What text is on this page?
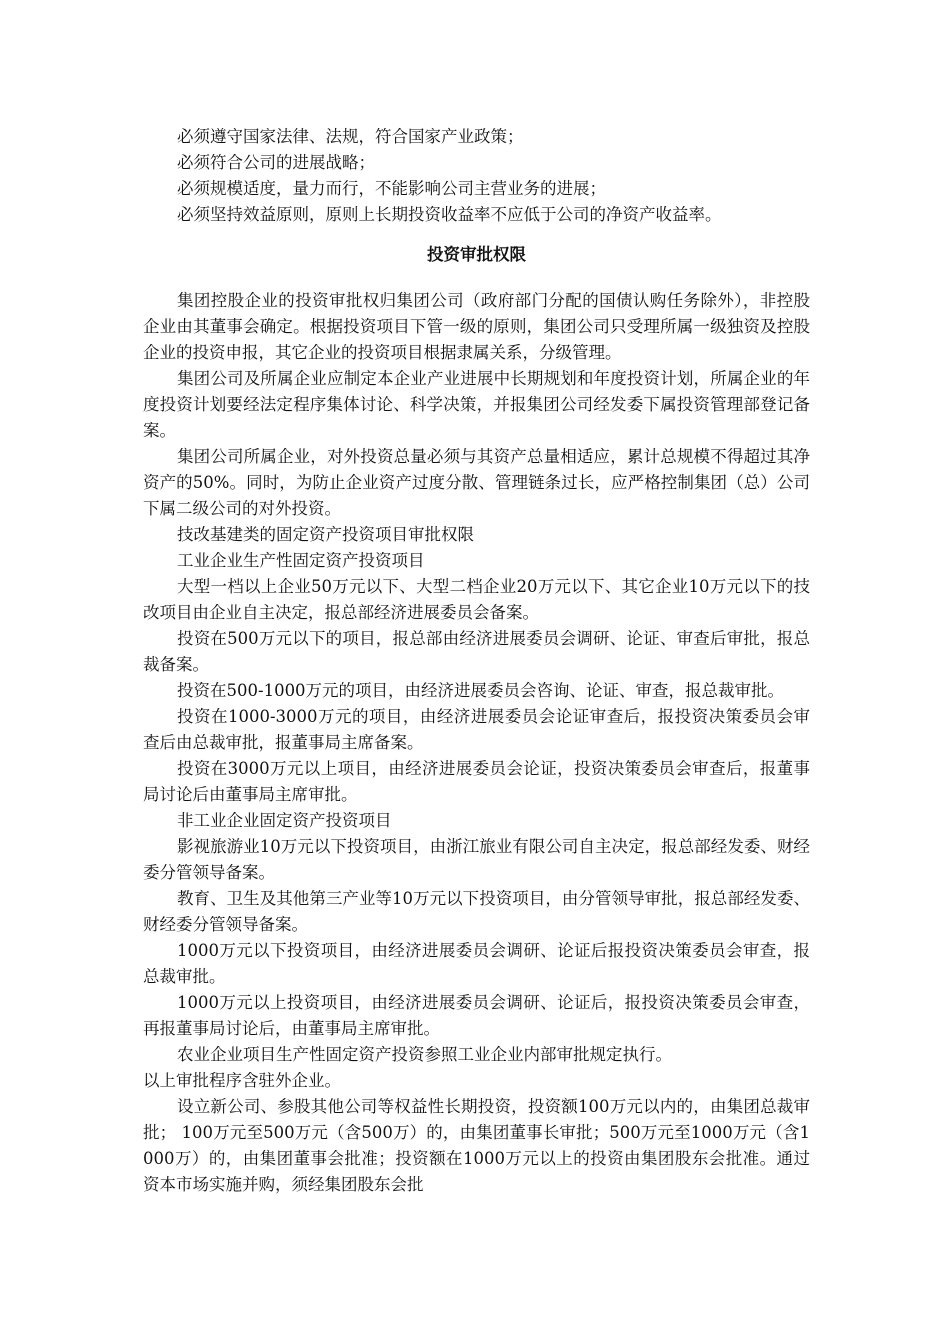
必须遵守国家法律、法规，符合国家产业政策；

必须符合公司的进展战略；

必须规模适度，量力而行，不能影响公司主营业务的进展；

必须坚持效益原则，原则上长期投资收益率不应低于公司的净资产收益率。

投资审批权限

集团控股企业的投资审批权归集团公司（政府部门分配的国债认购任务除外），非控股企业由其董事会确定。根据投资项目下管一级的原则，集团公司只受理所属一级独资及控股企业的投资申报，其它企业的投资项目根据隶属关系，分级管理。

集团公司及所属企业应制定本企业产业进展中长期规划和年度投资计划，所属企业的年度投资计划要经法定程序集体讨论、科学决策，并报集团公司经发委下属投资管理部登记备案。

集团公司所属企业，对外投资总量必须与其资产总量相适应，累计总规模不得超过其净资产的50%。同时，为防止企业资产过度分散、管理链条过长，应严格控制集团（总）公司下属二级公司的对外投资。

技改基建类的固定资产投资项目审批权限

工业企业生产性固定资产投资项目

大型一档以上企业50万元以下、大型二档企业20万元以下、其它企业10万元以下的技改项目由企业自主决定，报总部经济进展委员会备案。

投资在500万元以下的项目，报总部由经济进展委员会调研、论证、审查后审批，报总裁备案。

投资在500-1000万元的项目，由经济进展委员会咨询、论证、审查，报总裁审批。

投资在1000-3000万元的项目，由经济进展委员会论证审查后，报投资决策委员会审查后由总裁审批，报董事局主席备案。

投资在3000万元以上项目，由经济进展委员会论证，投资决策委员会审查后，报董事局讨论后由董事局主席审批。

非工业企业固定资产投资项目

影视旅游业10万元以下投资项目，由浙江旅业有限公司自主决定，报总部经发委、财经委分管领导备案。

教育、卫生及其他第三产业等10万元以下投资项目，由分管领导审批，报总部经发委、财经委分管领导备案。

1000万元以下投资项目，由经济进展委员会调研、论证后报投资决策委员会审查，报总裁审批。

1000万元以上投资项目，由经济进展委员会调研、论证后，报投资决策委员会审查，再报董事局讨论后，由董事局主席审批。

农业企业项目生产性固定资产投资参照工业企业内部审批规定执行。

以上审批程序含驻外企业。

设立新公司、参股其他公司等权益性长期投资，投资额100万元以内的，由集团总裁审批； 100万元至500万元（含500万）的，由集团董事长审批；500万元至1000万元（含1000万）的，由集团董事会批准；投资额在1000万元以上的投资由集团股东会批准。通过资本市场实施并购，须经集团股东会批
